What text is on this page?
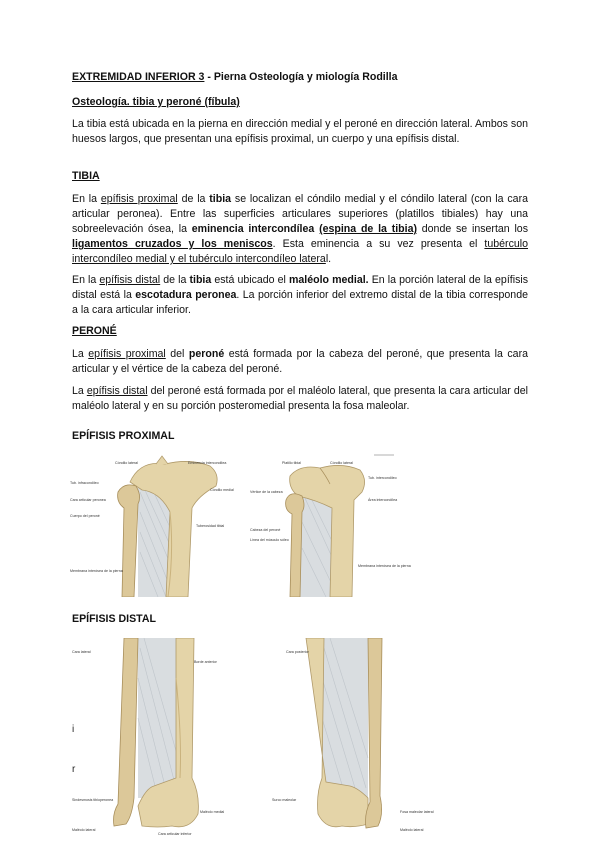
EXTREMIDAD INFERIOR 3 - Pierna Osteología y miología Rodilla
Osteología. tibia y peroné (fíbula)
La tibia está ubicada en la pierna en dirección medial y el peroné en dirección lateral. Ambos son huesos largos, que presentan una epífisis proximal, un cuerpo y una epífisis distal.
TIBIA
En la epífisis proximal de la tibia se localizan el cóndilo medial y el cóndilo lateral (con la cara articular peronea). Entre las superficies articulares superiores (platillos tibiales) hay una sobreelevación ósea, la eminencia intercondílea (espina de la tibia) donde se insertan los ligamentos cruzados y los meniscos. Esta eminencia a su vez presenta el tubérculo intercondíleo medial y el tubérculo intercondíleo lateral.
En la epífisis distal de la tibia está ubicado el maléolo medial. En la porción lateral de la epífisis distal está la escotadura peronea. La porción inferior del extremo distal de la tibia corresponde a la cara articular inferior.
PERONÉ
La epífisis proximal del peroné está formada por la cabeza del peroné, que presenta la cara articular y el vértice de la cabeza del peroné.
La epífisis distal del peroné está formada por el maléolo lateral, que presenta la cara articular del maléolo lateral y en su porción posteromedial presenta la fosa maleolar.
EPÍFISIS PROXIMAL
Cóndilo lateral	Eminencia intercondílea
Tub. infracondíleo
Cara articular peronea
Cuerpo del peroné
Cóndilo medial
Tuberosidad tibial
Membrana interósea de la pierna
Platillo tibial	Cóndilo lateral
Tub. intercondíleo
Vértice de la cabeza
Área intercondílea
Cabeza del peroné
Línea del músculo sóleo
Membrana interósea de la pierna
EPÍFISIS DISTAL
Cara lateral
Borde anterior
Sindesmosis tibioperonea
Maléolo medial
Maléolo lateral
Cara articular inferior
Cara posterior
Surco maleolar
Fosa maleolar lateral
Maléolo lateral
i
r
